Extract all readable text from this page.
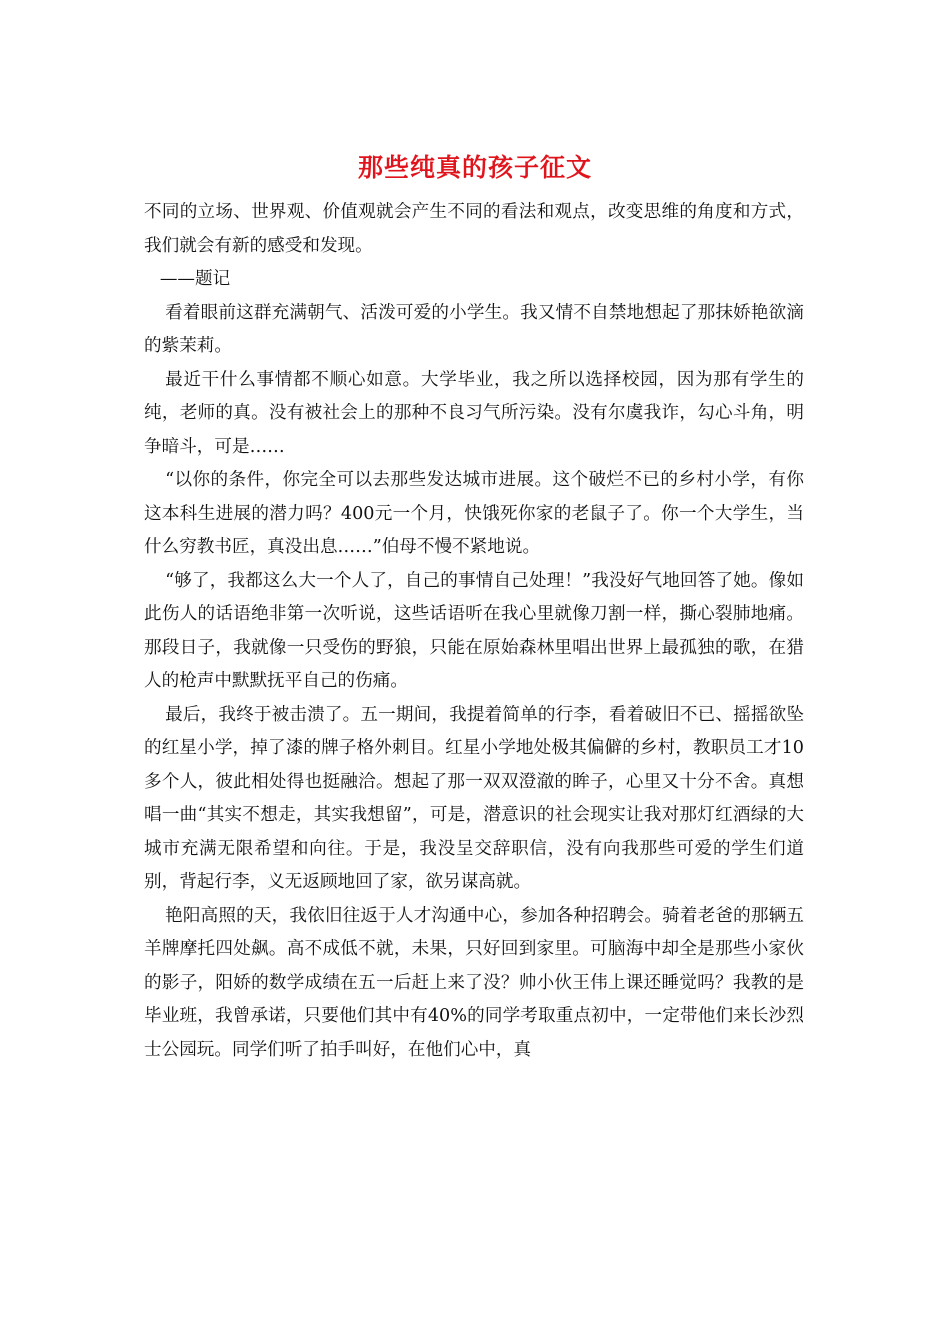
那些纯真的孩子征文

不同的立场、世界观、价值观就会产生不同的看法和观点，改变思维的角度和方式，我们就会有新的感受和发现。

——题记

看着眼前这群充满朝气、活泼可爱的小学生。我又情不自禁地想起了那抹娇艳欲滴的紫茉莉。

最近干什么事情都不顺心如意。大学毕业，我之所以选择校园，因为那有学生的纯，老师的真。没有被社会上的那种不良习气所污染。没有尔虞我诈，勾心斗角，明争暗斗，可是……

“以你的条件，你完全可以去那些发达城市进展。这个破烂不已的乡村小学，有你这本科生进展的潜力吗？400元一个月，快饿死你家的老鼠子了。你一个大学生，当什么穷教书匠，真没出息……”伯母不慢不紧地说。

“够了，我都这么大一个人了，自己的事情自己处理！”我没好气地回答了她。像如此伤人的话语绝非第一次听说，这些话语听在我心里就像刀割一样，撕心裂肺地痛。那段日子，我就像一只受伤的野狼，只能在原始森林里唱出世界上最孤独的歌，在猎人的枪声中默默抚平自己的伤痛。

最后，我终于被击溃了。五一期间，我提着简单的行李，看着破旧不已、摇摇欲坠的红星小学，掉了漆的牌子格外刺目。红星小学地处极其偏僻的乡村，教职员工才10多个人，彼此相处得也挺融洽。想起了那一双双澄澈的眸子，心里又十分不舍。真想唱一曲“其实不想走，其实我想留”，可是，潜意识的社会现实让我对那灯红酒绿的大城市充满无限希望和向往。于是，我没呈交辞职信，没有向我那些可爱的学生们道别，背起行李，义无返顾地回了家，欲另谋高就。

艳阳高照的天，我依旧往返于人才沟通中心，参加各种招聘会。骑着老爸的那辆五羊牌摩托四处飙。高不成低不就，未果，只好回到家里。可脑海中却全是那些小家伙的影子，阳娇的数学成绩在五一后赶上来了没？帅小伙王伟上课还睡觉吗？我教的是毕业班，我曾承诺，只要他们其中有40%的同学考取重点初中，一定带他们来长沙烈士公园玩。同学们听了拍手叫好，在他们心中，真
